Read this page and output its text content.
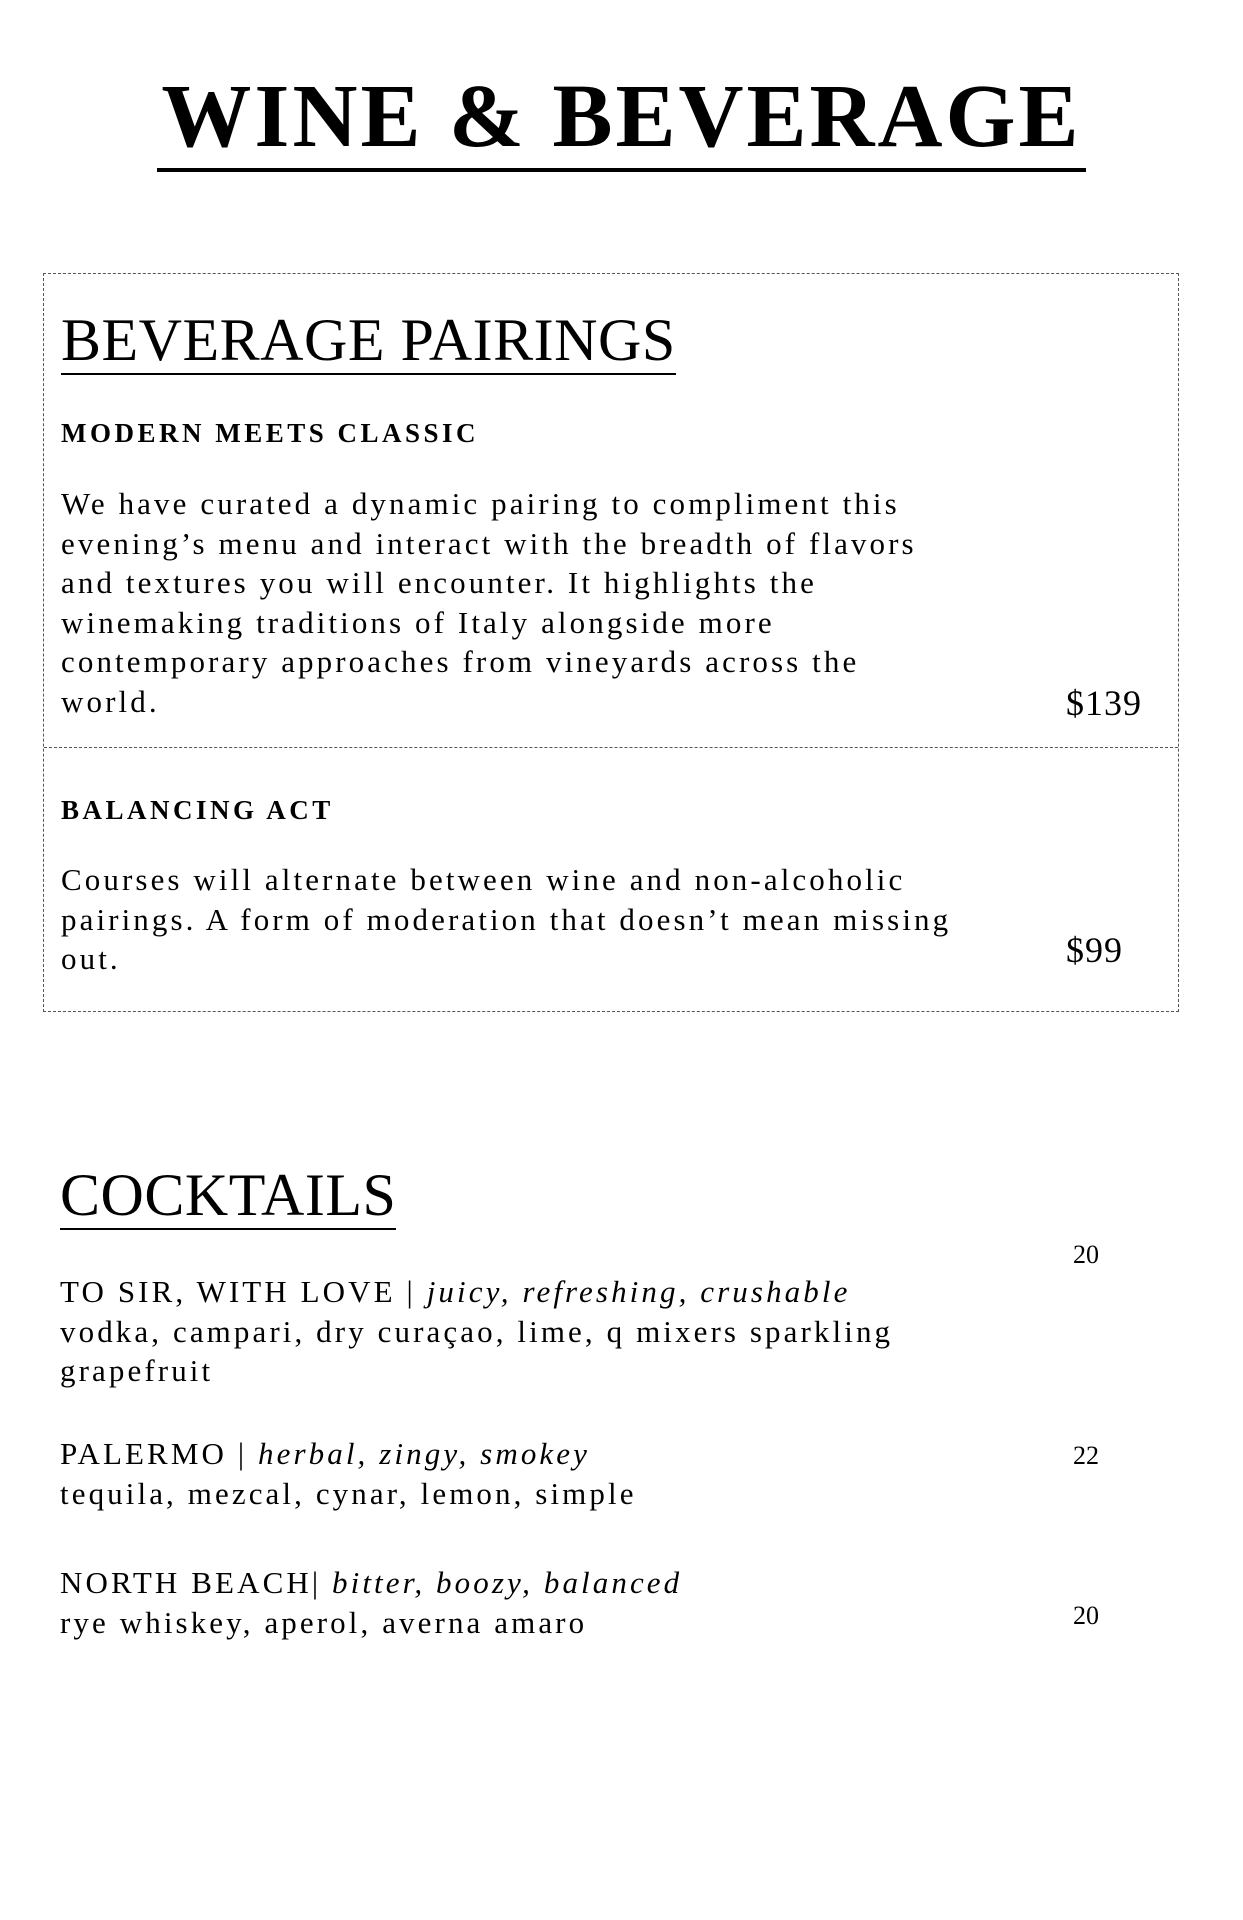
WINE & BEVERAGE
BEVERAGE PAIRINGS
MODERN MEETS CLASSIC

We have curated a dynamic pairing to compliment this
evening’s menu and interact with the breadth of flavors
and textures you will encounter. It highlights the
winemaking traditions of Italy alongside more
contemporary approaches from vineyards across the
world.	$139
BALANCING ACT

Courses will alternate between wine and non-alcoholic
pairings. A form of moderation that doesn’t mean missing
out.	$99
COCKTAILS
TO SIR, WITH LOVE | juicy, refreshing, crushable
vodka, campari, dry curaçao, lime, q mixers sparkling
grapefruit
20
PALERMO | herbal, zingy, smokey
tequila, mezcal, cynar, lemon, simple
22
NORTH BEACH| bitter, boozy, balanced
rye whiskey, aperol, averna amaro	20
